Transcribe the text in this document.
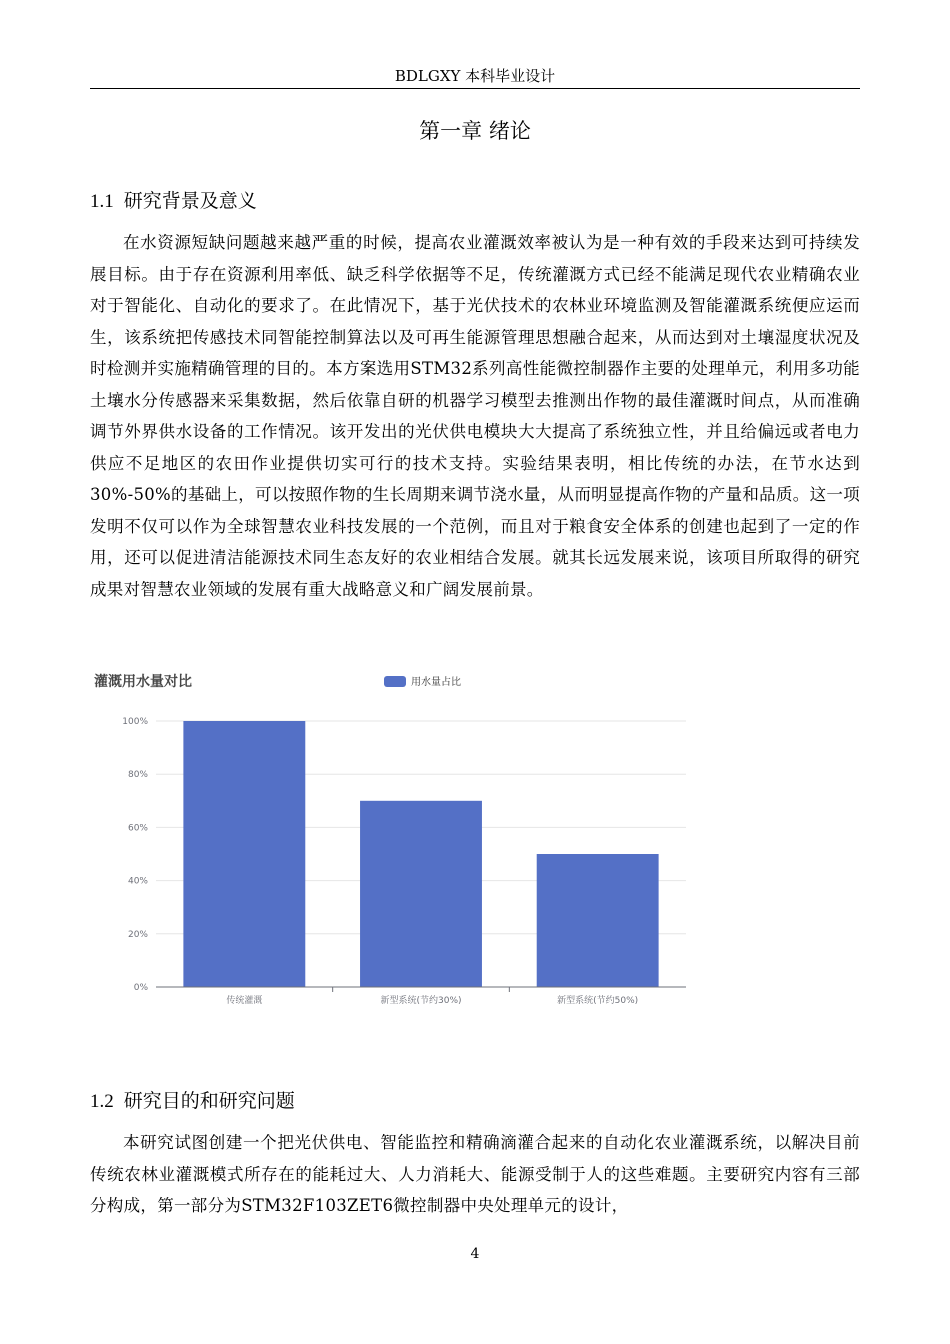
BDLGXY 本科毕业设计
第一章 绪论
1.1 研究背景及意义

在水资源短缺问题越来越严重的时候，提高农业灌溉效率被认为是一种有效的手段来达到可持续发展目标。由于存在资源利用率低、缺乏科学依据等不足，传统灌溉方式已经不能满足现代农业精确农业对于智能化、自动化的要求了。在此情况下，基于光伏技术的农林业环境监测及智能灌溉系统便应运而生，该系统把传感技术同智能控制算法以及可再生能源管理思想融合起来，从而达到对土壤湿度状况及时检测并实施精确管理的目的。本方案选用STM32系列高性能微控制器作主要的处理单元，利用多功能土壤水分传感器来采集数据，然后依靠自研的机器学习模型去推测出作物的最佳灌溉时间点，从而准确调节外界供水设备的工作情况。该开发出的光伏供电模块大大提高了系统独立性，并且给偏远或者电力供应不足地区的农田作业提供切实可行的技术支持。实验结果表明，相比传统的办法，在节水达到30%-50%的基础上，可以按照作物的生长周期来调节浇水量，从而明显提高作物的产量和品质。这一项发明不仅可以作为全球智慧农业科技发展的一个范例，而且对于粮食安全体系的创建也起到了一定的作用，还可以促进清洁能源技术同生态友好的农业相结合发展。就其长远发展来说，该项目所取得的研究成果对智慧农业领域的发展有重大战略意义和广阔发展前景。

灌溉用水量对比	用水量占比
0%
20%
40%
60%
80%
100%
传统灌溉	新型系统(节约30%)	新型系统(节约50%)
1.2 研究目的和研究问题

本研究试图创建一个把光伏供电、智能监控和精确滴灌合起来的自动化农业灌溉系统，以解决目前传统农林业灌溉模式所存在的能耗过大、人力消耗大、能源受制于人的这些难题。主要研究内容有三部分构成，第一部分为STM32F103ZET6微控制器中央处理单元的设计，

4
